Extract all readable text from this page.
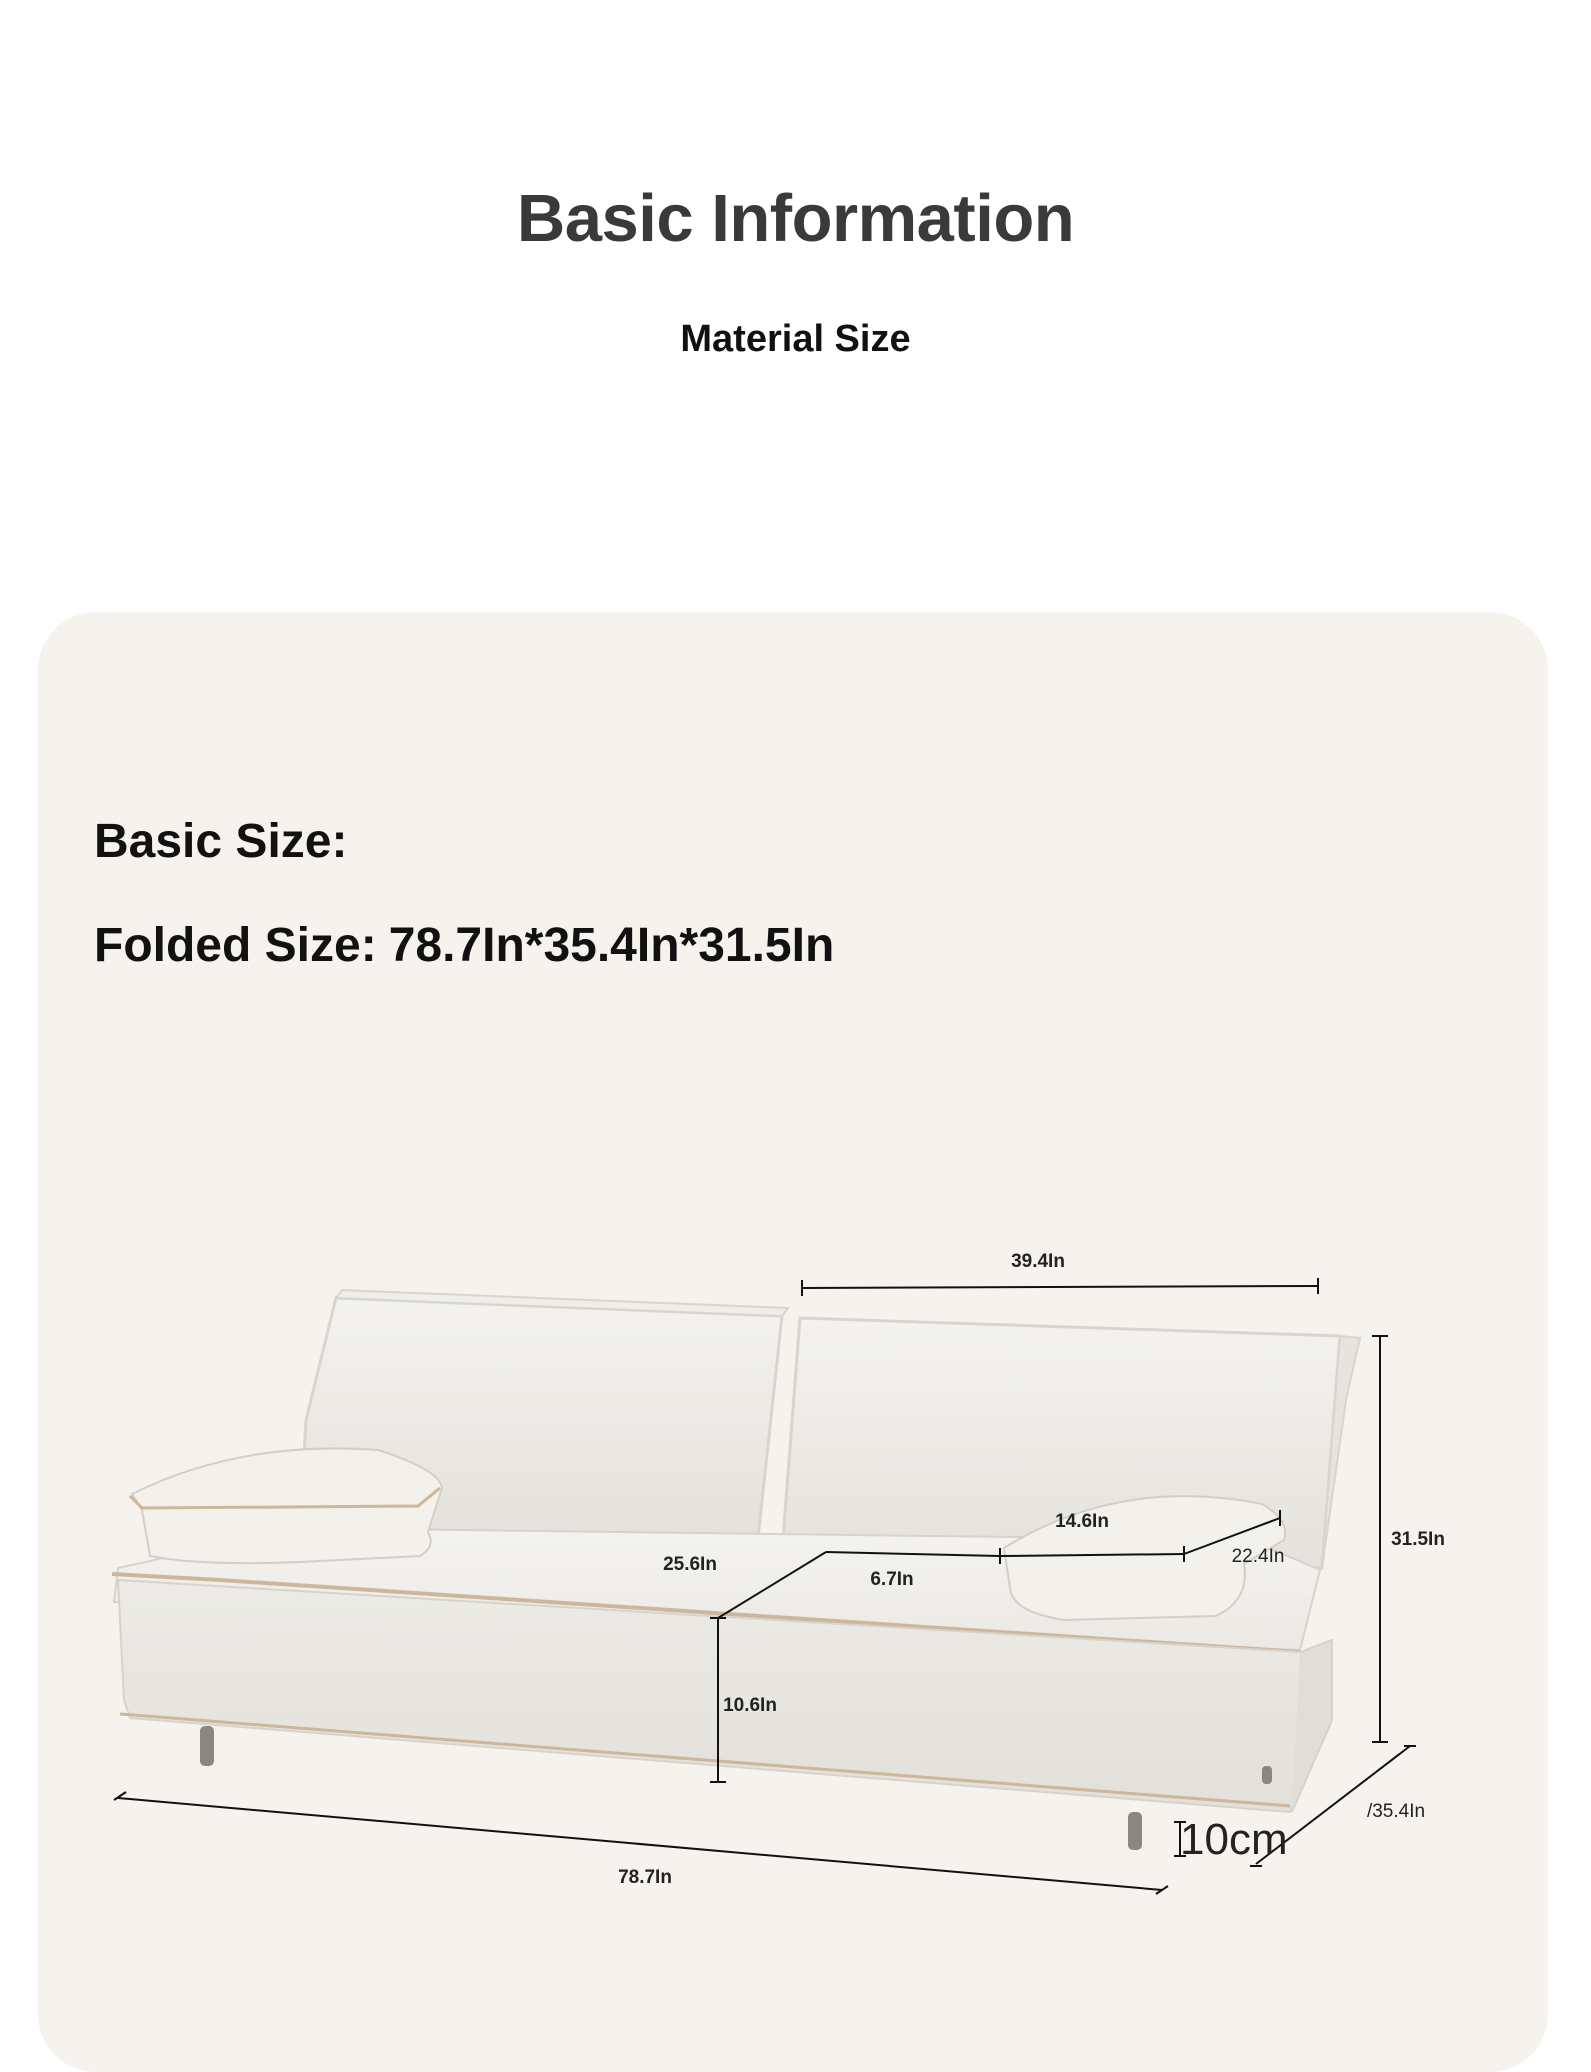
Basic Information
Material Size
Basic Size:
Folded Size: 78.7In*35.4In*31.5In
39.4In
31.5In
14.6In
22.4In
25.6In
6.7In
10.6In
/35.4In
10cm
78.7In
